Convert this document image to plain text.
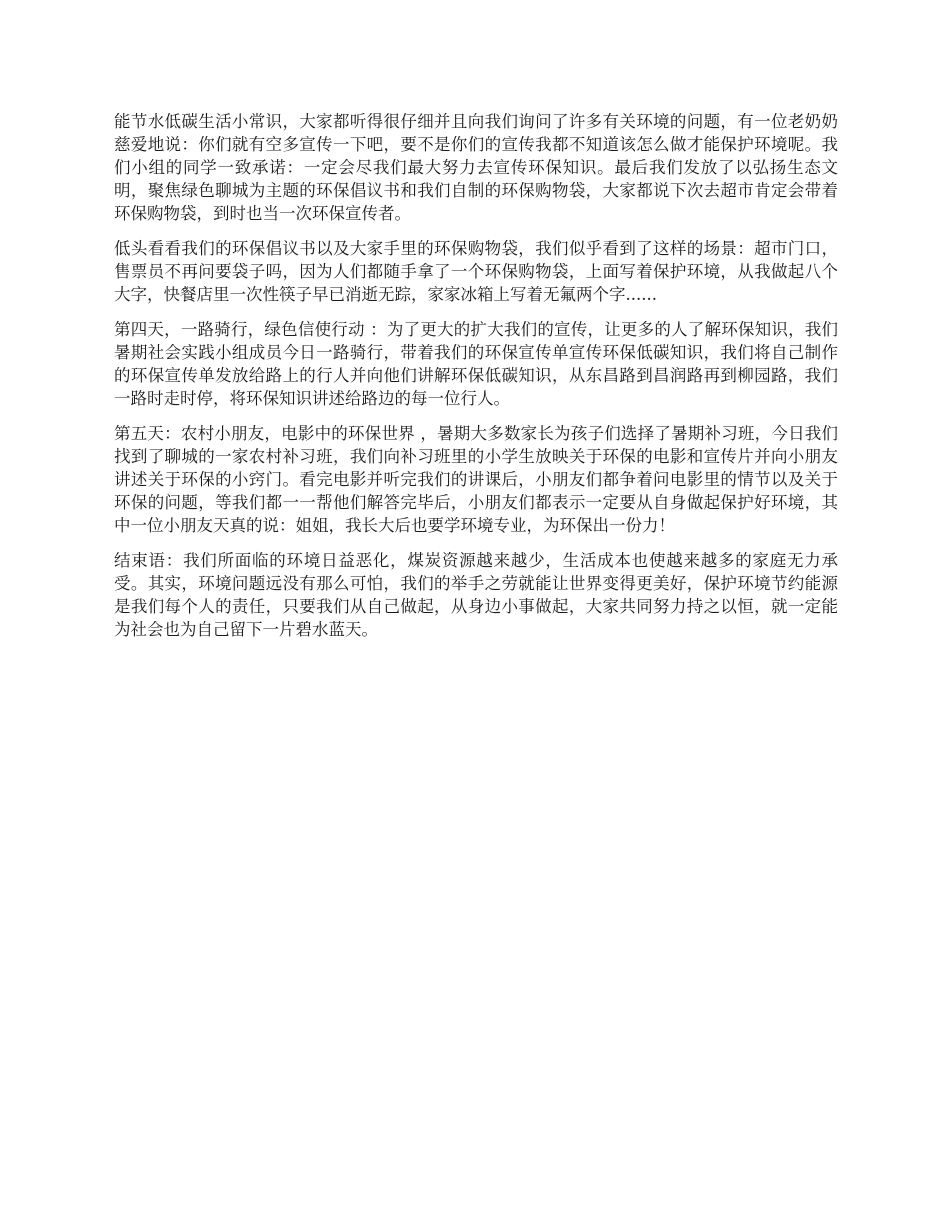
能节水低碳生活小常识，大家都听得很仔细并且向我们询问了许多有关环境的问题，有一位老奶奶慈爱地说：你们就有空多宣传一下吧，要不是你们的宣传我都不知道该怎么做才能保护环境呢。我们小组的同学一致承诺：一定会尽我们最大努力去宣传环保知识。最后我们发放了以弘扬生态文明，聚焦绿色聊城为主题的环保倡议书和我们自制的环保购物袋，大家都说下次去超市肯定会带着环保购物袋，到时也当一次环保宣传者。

低头看看我们的环保倡议书以及大家手里的环保购物袋，我们似乎看到了这样的场景：超市门口，售票员不再问要袋子吗，因为人们都随手拿了一个环保购物袋，上面写着保护环境，从我做起八个大字，快餐店里一次性筷子早已消逝无踪，家家冰箱上写着无氟两个字......

第四天，一路骑行，绿色信使行动 ：为了更大的扩大我们的宣传，让更多的人了解环保知识，我们暑期社会实践小组成员今日一路骑行，带着我们的环保宣传单宣传环保低碳知识，我们将自己制作的环保宣传单发放给路上的行人并向他们讲解环保低碳知识，从东昌路到昌润路再到柳园路，我们一路时走时停，将环保知识讲述给路边的每一位行人。

第五天：农村小朋友，电影中的环保世界 ，暑期大多数家长为孩子们选择了暑期补习班，今日我们找到了聊城的一家农村补习班，我们向补习班里的小学生放映关于环保的电影和宣传片并向小朋友讲述关于环保的小窍门。看完电影并听完我们的讲课后，小朋友们都争着问电影里的情节以及关于环保的问题，等我们都一一帮他们解答完毕后，小朋友们都表示一定要从自身做起保护好环境，其中一位小朋友天真的说：姐姐，我长大后也要学环境专业，为环保出一份力！

结束语：我们所面临的环境日益恶化，煤炭资源越来越少，生活成本也使越来越多的家庭无力承受。其实，环境问题远没有那么可怕，我们的举手之劳就能让世界变得更美好，保护环境节约能源是我们每个人的责任，只要我们从自己做起，从身边小事做起，大家共同努力持之以恒，就一定能为社会也为自己留下一片碧水蓝天。
